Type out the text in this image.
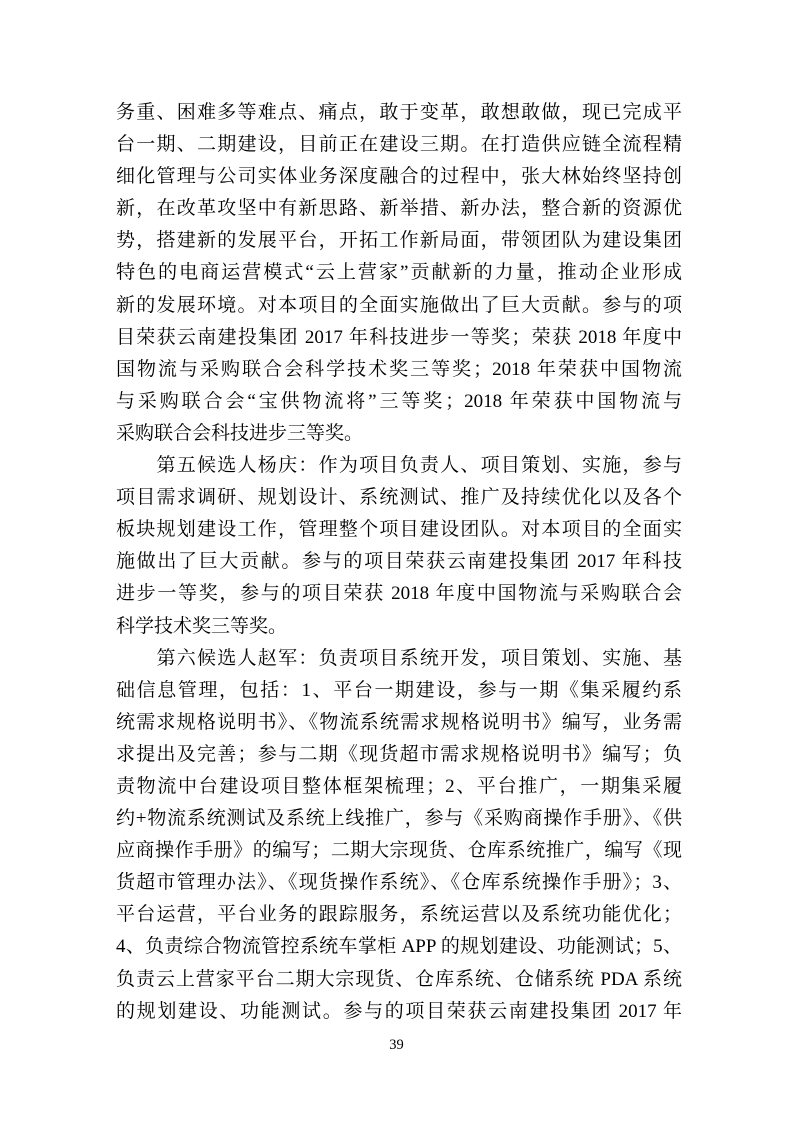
务重、困难多等难点、痛点，敢于变革，敢想敢做，现已完成平
台一期、二期建设，目前正在建设三期。在打造供应链全流程精
细化管理与公司实体业务深度融合的过程中，张大林始终坚持创
新，在改革攻坚中有新思路、新举措、新办法，整合新的资源优
势，搭建新的发展平台，开拓工作新局面，带领团队为建设集团
特色的电商运营模式“云上营家”贡献新的力量，推动企业形成
新的发展环境。对本项目的全面实施做出了巨大贡献。参与的项
目荣获云南建投集团 2017 年科技进步一等奖；荣获 2018 年度中
国物流与采购联合会科学技术奖三等奖；2018 年荣获中国物流
与采购联合会“宝供物流将”三等奖；2018 年荣获中国物流与
采购联合会科技进步三等奖。
　　第五候选人杨庆：作为项目负责人、项目策划、实施，参与
项目需求调研、规划设计、系统测试、推广及持续优化以及各个
板块规划建设工作，管理整个项目建设团队。对本项目的全面实
施做出了巨大贡献。参与的项目荣获云南建投集团 2017 年科技
进步一等奖，参与的项目荣获 2018 年度中国物流与采购联合会
科学技术奖三等奖。
　　第六候选人赵军：负责项目系统开发，项目策划、实施、基
础信息管理，包括：1、平台一期建设，参与一期《集采履约系
统需求规格说明书》、《物流系统需求规格说明书》编写，业务需
求提出及完善；参与二期《现货超市需求规格说明书》编写；负
责物流中台建设项目整体框架梳理；2、平台推广，一期集采履
约+物流系统测试及系统上线推广，参与《采购商操作手册》、《供
应商操作手册》的编写；二期大宗现货、仓库系统推广，编写《现
货超市管理办法》、《现货操作系统》、《仓库系统操作手册》；3、
平台运营，平台业务的跟踪服务，系统运营以及系统功能优化；
4、负责综合物流管控系统车掌柜 APP 的规划建设、功能测试；5、
负责云上营家平台二期大宗现货、仓库系统、仓储系统 PDA 系统
的规划建设、功能测试。参与的项目荣获云南建投集团 2017 年
39
